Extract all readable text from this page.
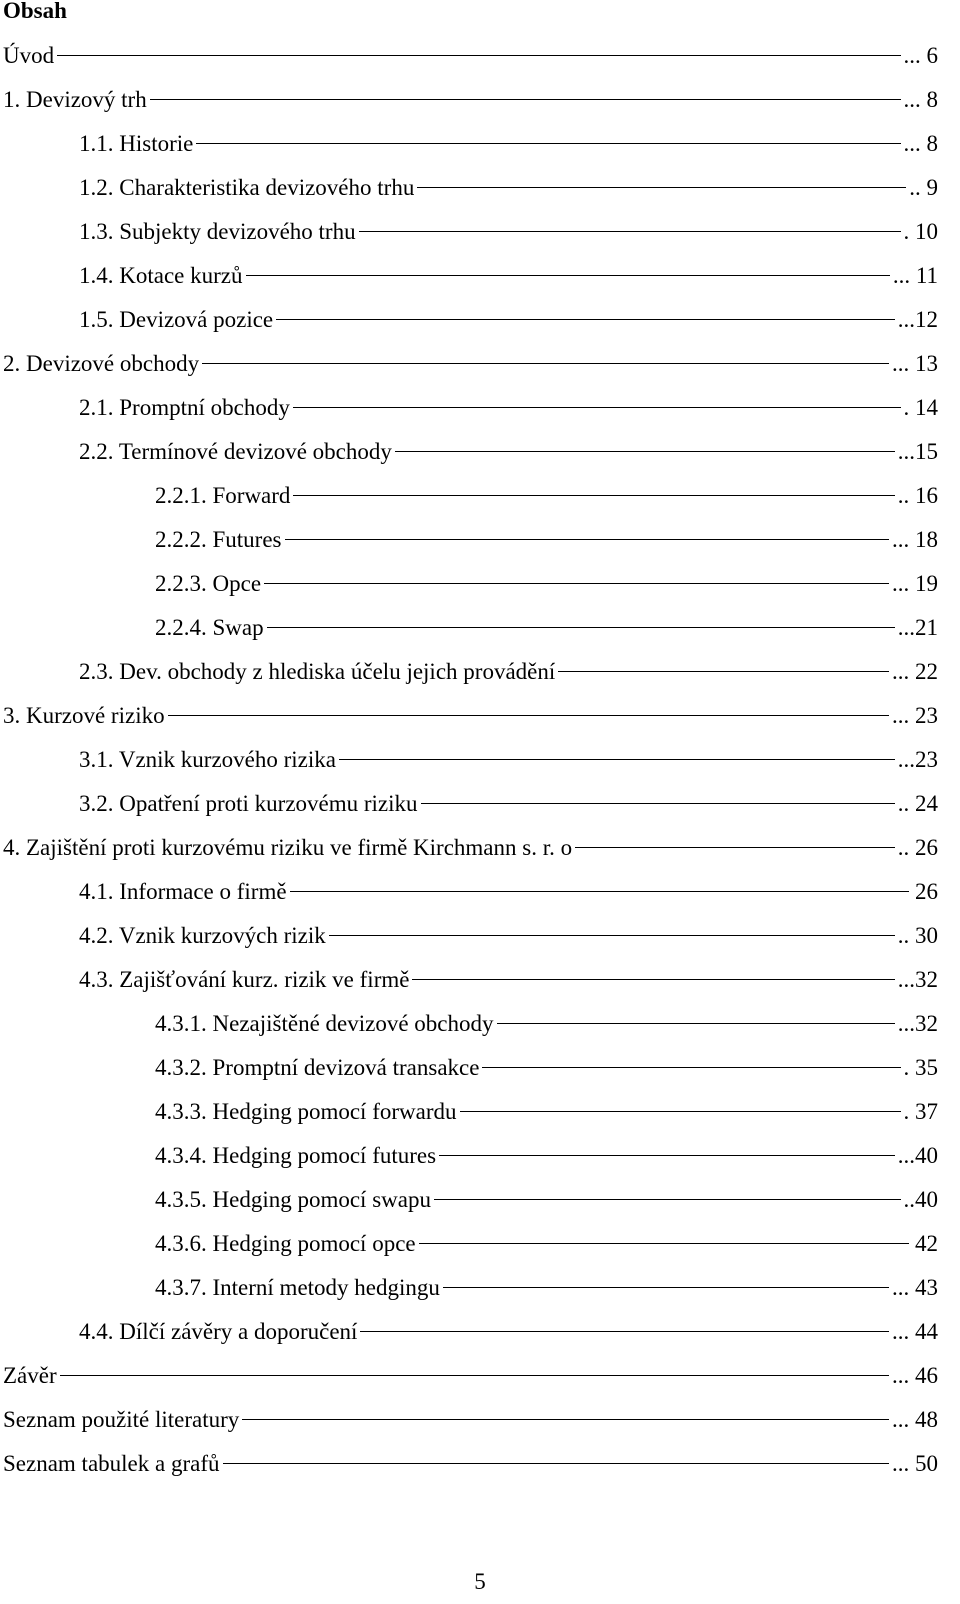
Obsah
Úvod	... 6
1. Devizový trh	... 8
1.1. Historie	... 8
1.2. Charakteristika devizového trhu	.. 9
1.3. Subjekty devizového trhu	. 10
1.4. Kotace kurzů	... 11
1.5. Devizová pozice	...12
2. Devizové obchody	... 13
2.1. Promptní obchody	. 14
2.2. Termínové devizové obchody	...15
2.2.1. Forward	.. 16
2.2.2. Futures	... 18
2.2.3. Opce	... 19
2.2.4. Swap	...21
2.3. Dev. obchody z hlediska účelu jejich provádění	... 22
3. Kurzové riziko	... 23
3.1. Vznik kurzového rizika	...23
3.2. Opatření proti kurzovému riziku	.. 24
4. Zajištění proti kurzovému riziku ve firmě Kirchmann s. r. o	.. 26
4.1. Informace o firmě	26
4.2. Vznik kurzových rizik	.. 30
4.3. Zajišťování kurz. rizik ve firmě	...32
4.3.1. Nezajištěné devizové obchody	...32
4.3.2. Promptní devizová transakce	. 35
4.3.3. Hedging pomocí forwardu	. 37
4.3.4. Hedging pomocí futures	...40
4.3.5. Hedging pomocí swapu	..40
4.3.6. Hedging pomocí opce	42
4.3.7. Interní metody hedgingu	... 43
4.4. Dílčí závěry a doporučení	... 44
Závěr	... 46
Seznam použité literatury	... 48
Seznam tabulek a grafů	... 50
5
